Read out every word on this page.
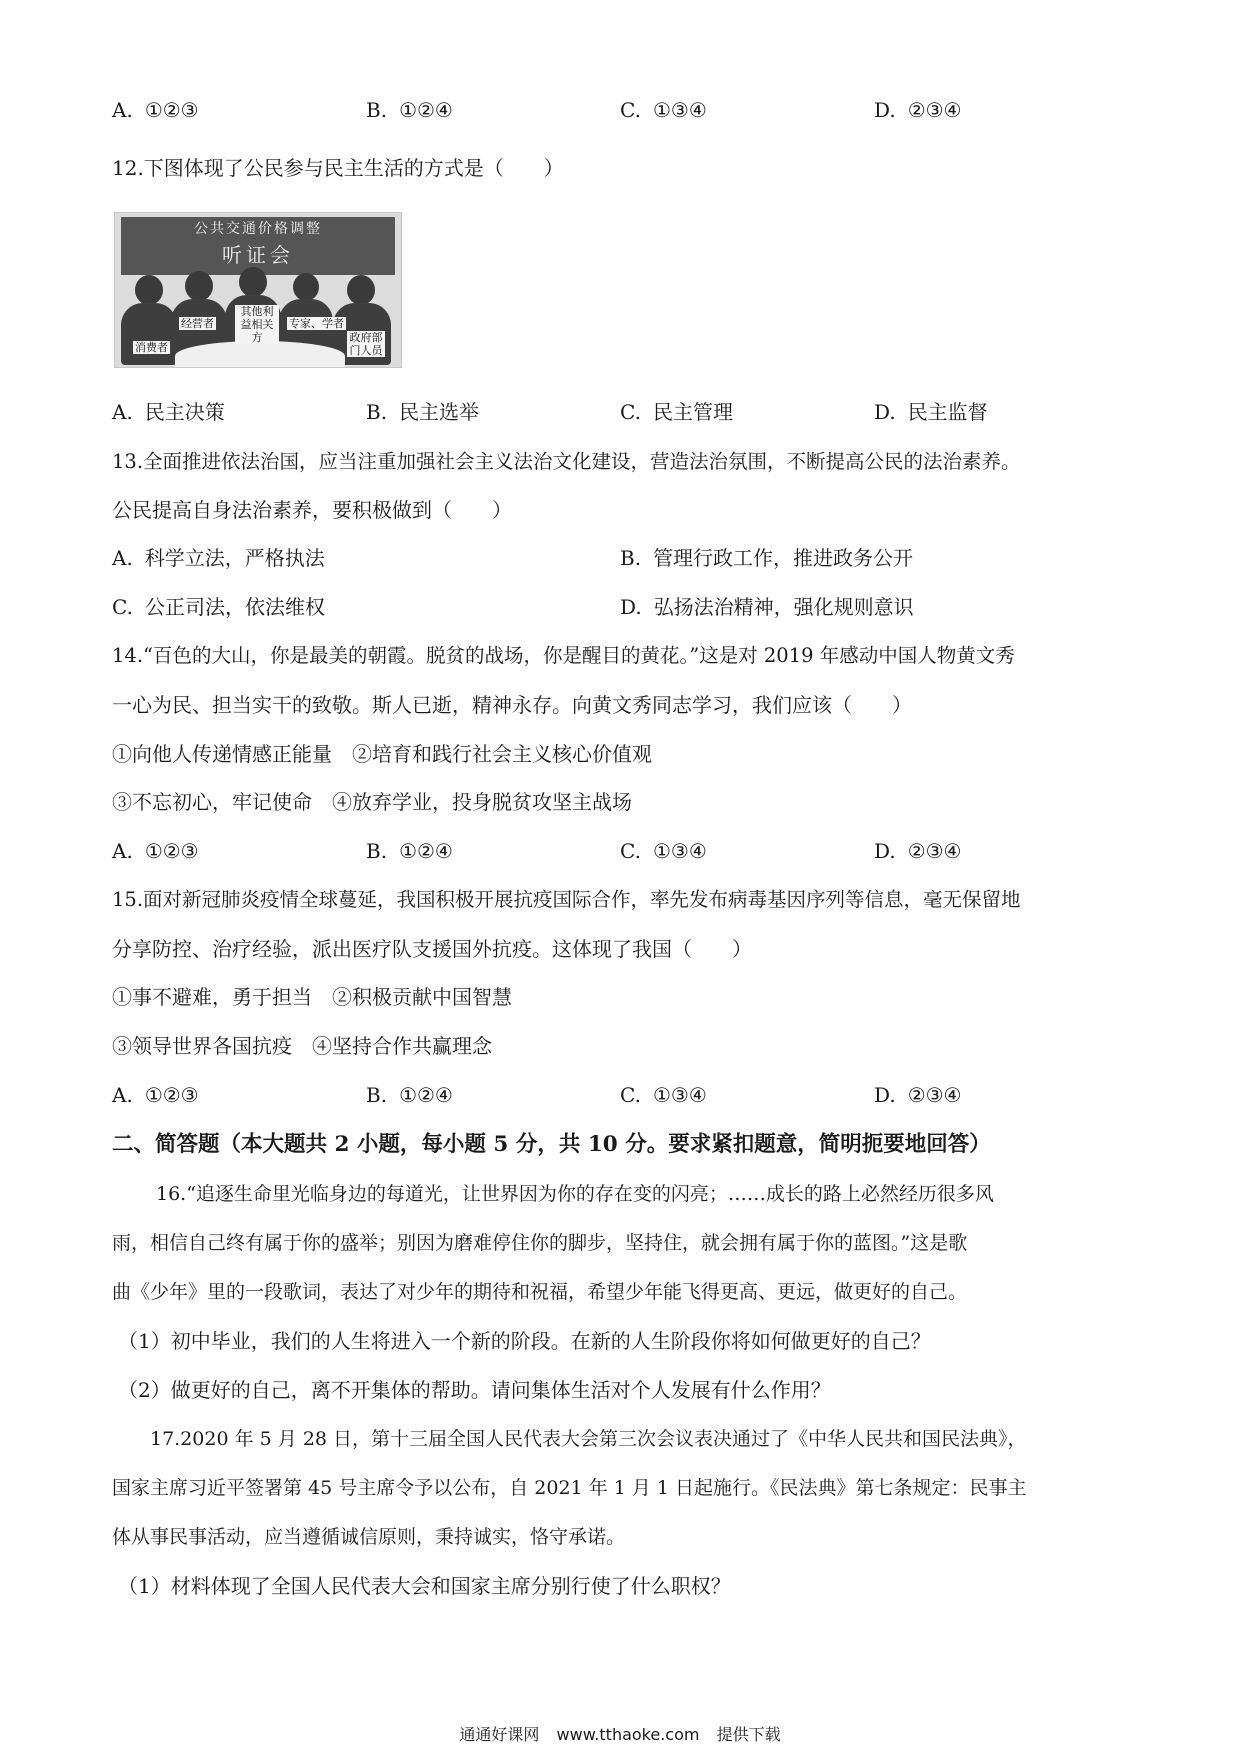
A. ①②③	B. ①②④	C. ①③④	D. ②③④
12.下图体现了公民参与民主生活的方式是（　　）
公共交通价格调整
听证会
消费者
经营者
其他利益相关方
专家、学者
政府部门人员
A. 民主决策	B. 民主选举	C. 民主管理	D. 民主监督
13.全面推进依法治国，应当注重加强社会主义法治文化建设，营造法治氛围，不断提高公民的法治素养。
公民提高自身法治素养，要积极做到（　　）
A. 科学立法，严格执法	B. 管理行政工作，推进政务公开
C. 公正司法，依法维权	D. 弘扬法治精神，强化规则意识
14.“百色的大山，你是最美的朝霞。脱贫的战场，你是醒目的黄花。”这是对 2019 年感动中国人物黄文秀
一心为民、担当实干的致敬。斯人已逝，精神永存。向黄文秀同志学习，我们应该（　　）
①向他人传递情感正能量　②培育和践行社会主义核心价值观
③不忘初心，牢记使命　④放弃学业，投身脱贫攻坚主战场
A. ①②③	B. ①②④	C. ①③④	D. ②③④
15.面对新冠肺炎疫情全球蔓延，我国积极开展抗疫国际合作，率先发布病毒基因序列等信息，毫无保留地
分享防控、治疗经验，派出医疗队支援国外抗疫。这体现了我国（　　）
①事不避难，勇于担当　②积极贡献中国智慧
③领导世界各国抗疫　④坚持合作共赢理念
A. ①②③	B. ①②④	C. ①③④	D. ②③④
二、简答题（本大题共 2 小题，每小题 5 分，共 10 分。要求紧扣题意，简明扼要地回答）
16.“追逐生命里光临身边的每道光，让世界因为你的存在变的闪亮；……成长的路上必然经历很多风
雨，相信自己终有属于你的盛举；别因为磨难停住你的脚步，坚持住，就会拥有属于你的蓝图。”这是歌
曲《少年》里的一段歌词，表达了对少年的期待和祝福，希望少年能飞得更高、更远，做更好的自己。
（1）初中毕业，我们的人生将进入一个新的阶段。在新的人生阶段你将如何做更好的自己？
（2）做更好的自己，离不开集体的帮助。请问集体生活对个人发展有什么作用？
17.2020 年 5 月 28 日，第十三届全国人民代表大会第三次会议表决通过了《中华人民共和国民法典》，
国家主席习近平签署第 45 号主席令予以公布，自 2021 年 1 月 1 日起施行。《民法典》第七条规定：民事主
体从事民事活动，应当遵循诚信原则，秉持诚实，恪守承诺。
（1）材料体现了全国人民代表大会和国家主席分别行使了什么职权？
通通好课网 www.tthaoke.com 提供下载
